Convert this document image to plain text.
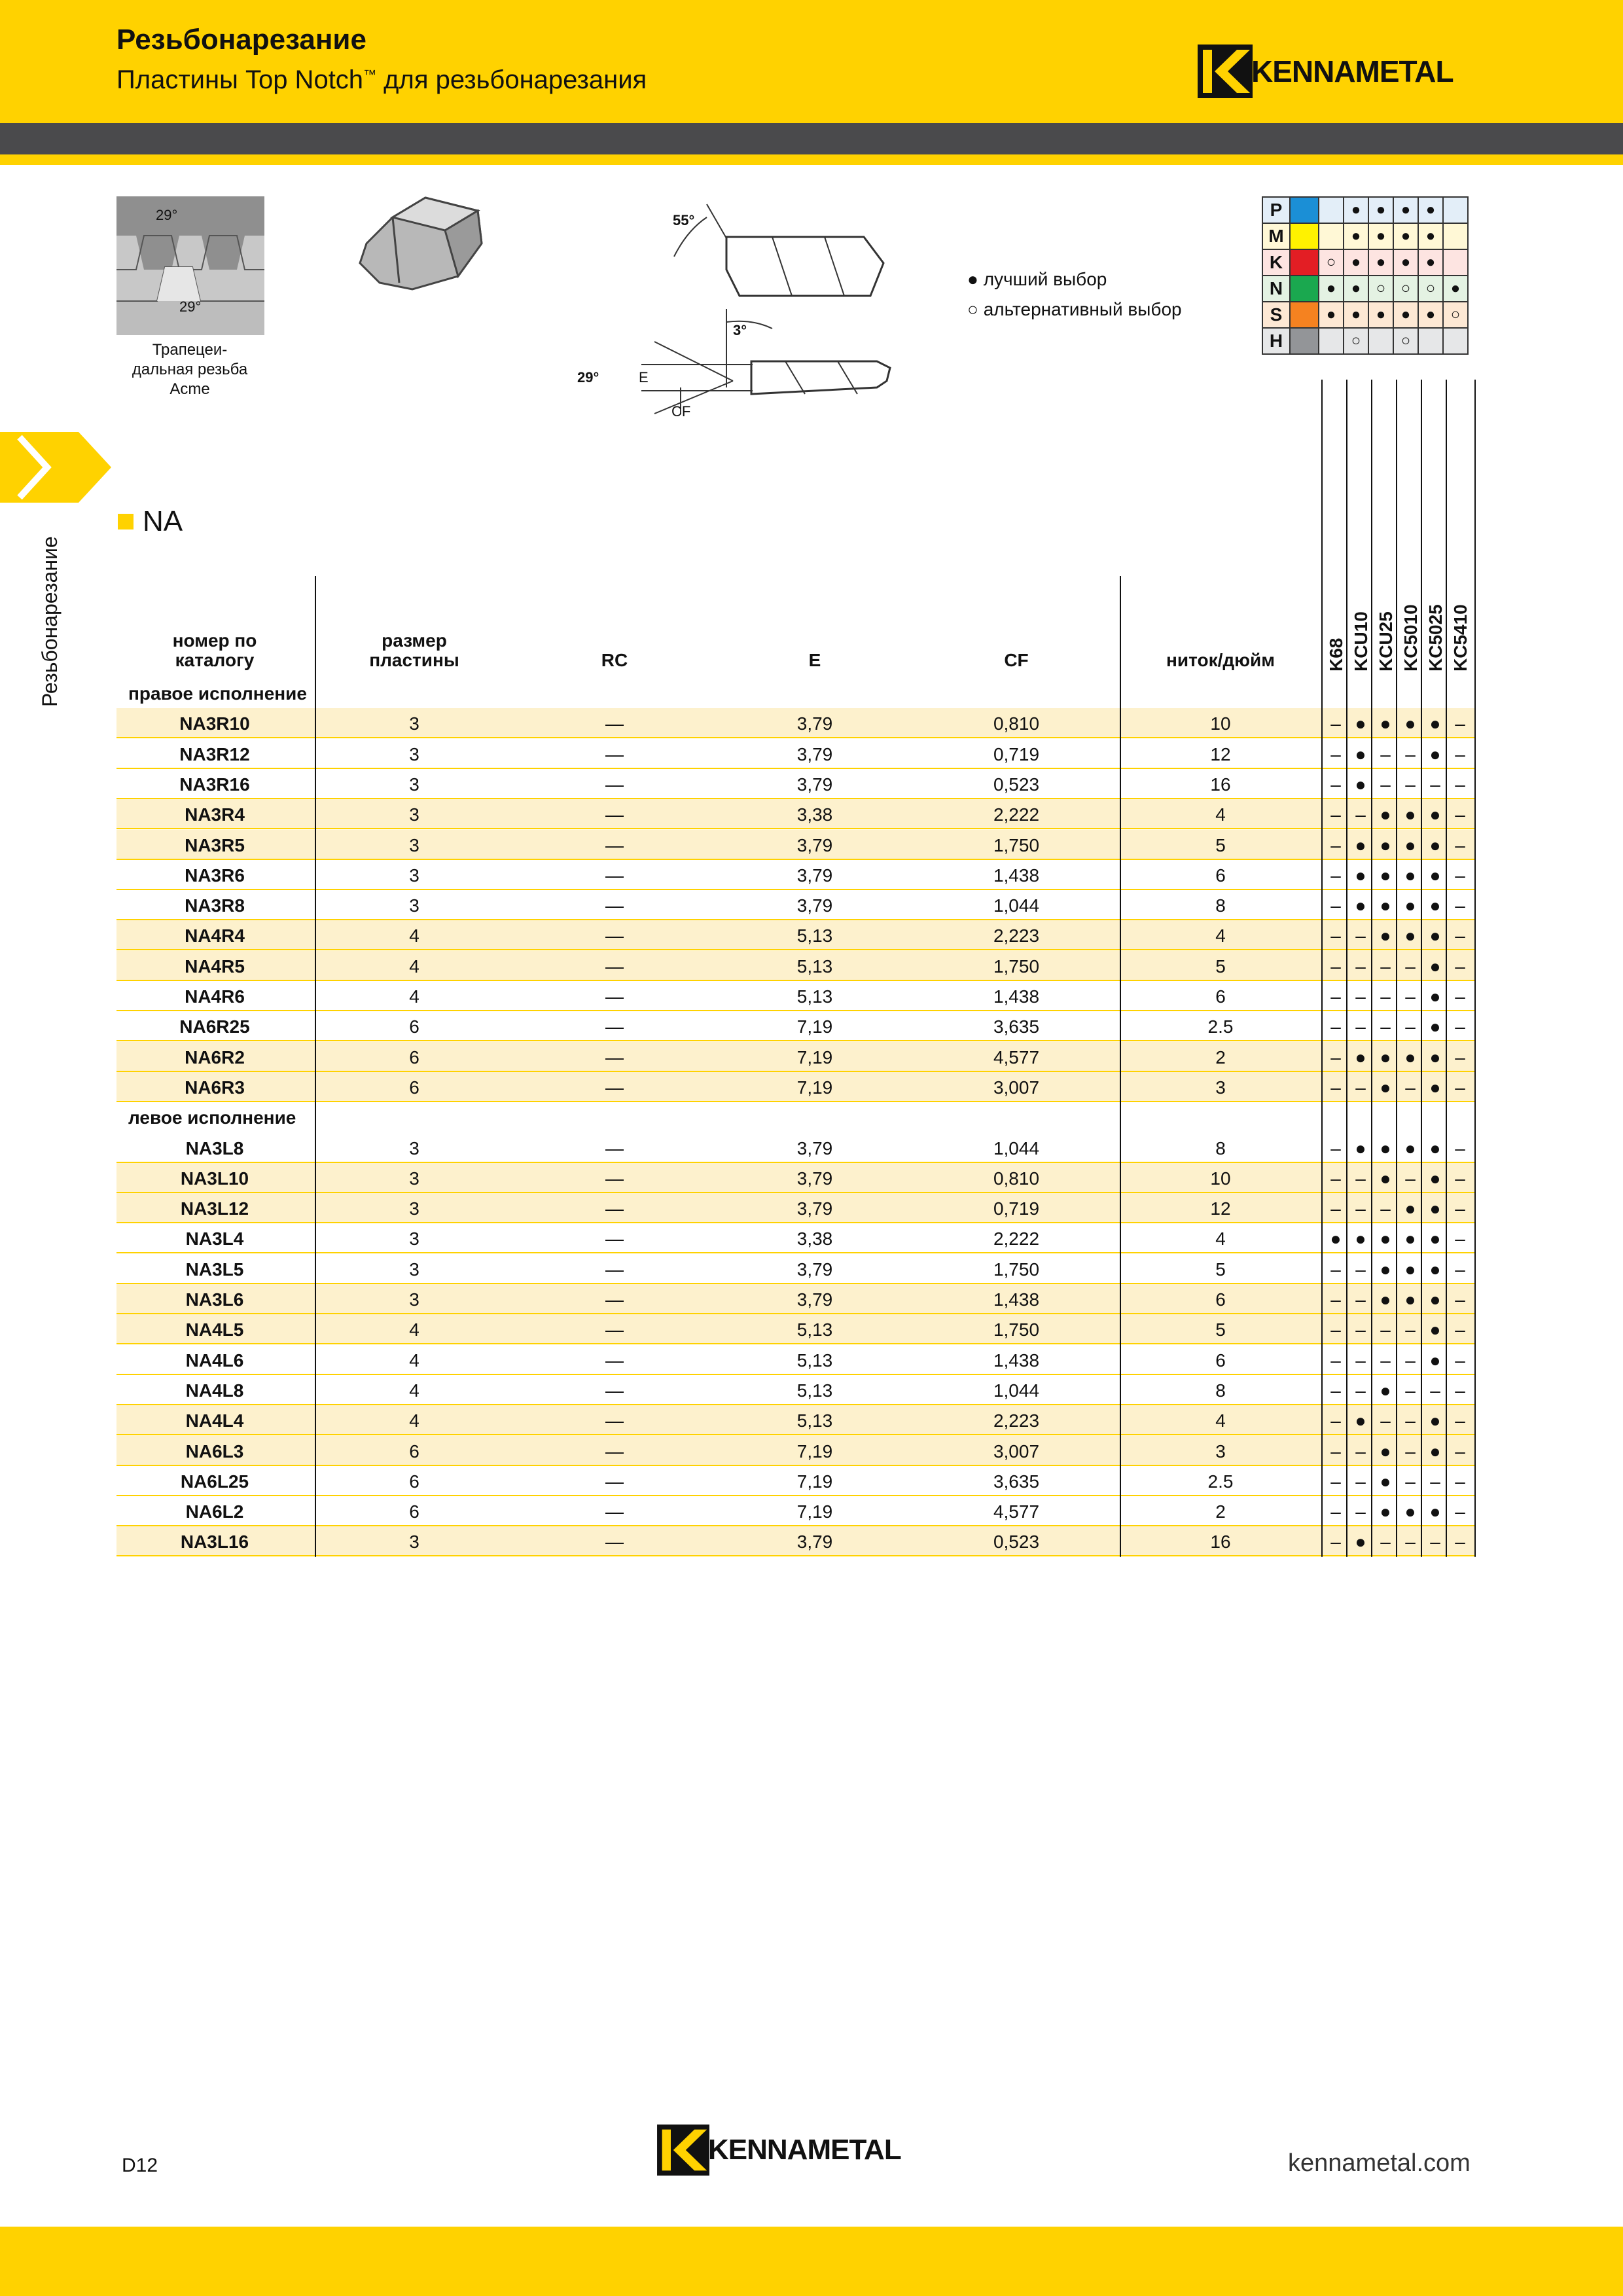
Резьбонарезание
Пластины Top Notch™ для резьбонарезания	KENNAMETAL
Резьбонарезание
29°
29°
Трапецеи-
дальная резьба
Acme
55°
3°
29°	E
CF
● лучший выбор
○ альтернативный выбор
P			●	●	●	●	
M			●	●	●	●	
K		○	●	●	●	●	
N		●	●	○	○	○	●
S		●	●	●	●	●	○
H			○		○		
NA
номер по
каталогу
размер
пластины	RC	E	CF	ниток/дюйм	K68 KCU10 KCU25 KC5010 KC5025 KC5410
правое исполнение
NA3R10	3	—	3,79	0,810	10	– ● ● ● ● –
NA3R12	3	—	3,79	0,719	12	– ● – – ● –
NA3R16	3	—	3,79	0,523	16	– ● – – – –
NA3R4	3	—	3,38	2,222	4	– – ● ● ● –
NA3R5	3	—	3,79	1,750	5	– ● ● ● ● –
NA3R6	3	—	3,79	1,438	6	– ● ● ● ● –
NA3R8	3	—	3,79	1,044	8	– ● ● ● ● –
NA4R4	4	—	5,13	2,223	4	– – ● ● ● –
NA4R5	4	—	5,13	1,750	5	– – – – ● –
NA4R6	4	—	5,13	1,438	6	– – – – ● –
NA6R25	6	—	7,19	3,635	2.5	– – – – ● –
NA6R2	6	—	7,19	4,577	2	– ● ● ● ● –
NA6R3	6	—	7,19	3,007	3	– – ● – ● –
левое исполнение
NA3L8	3	—	3,79	1,044	8	– ● ● ● ● –
NA3L10	3	—	3,79	0,810	10	– – ● – ● –
NA3L12	3	—	3,79	0,719	12	– – – ● ● –
NA3L4	3	—	3,38	2,222	4	● ● ● ● ● –
NA3L5	3	—	3,79	1,750	5	– – ● ● ● –
NA3L6	3	—	3,79	1,438	6	– – ● ● ● –
NA4L5	4	—	5,13	1,750	5	– – – – ● –
NA4L6	4	—	5,13	1,438	6	– – – – ● –
NA4L8	4	—	5,13	1,044	8	– – ● – – –
NA4L4	4	—	5,13	2,223	4	– ● – – ● –
NA6L3	6	—	7,19	3,007	3	– – ● – ● –
NA6L25	6	—	7,19	3,635	2.5	– – ● – – –
NA6L2	6	—	7,19	4,577	2	– – ● ● ● –
NA3L16	3	—	3,79	0,523	16	– ● – – – –
D12	KENNAMETAL	kennametal.com
